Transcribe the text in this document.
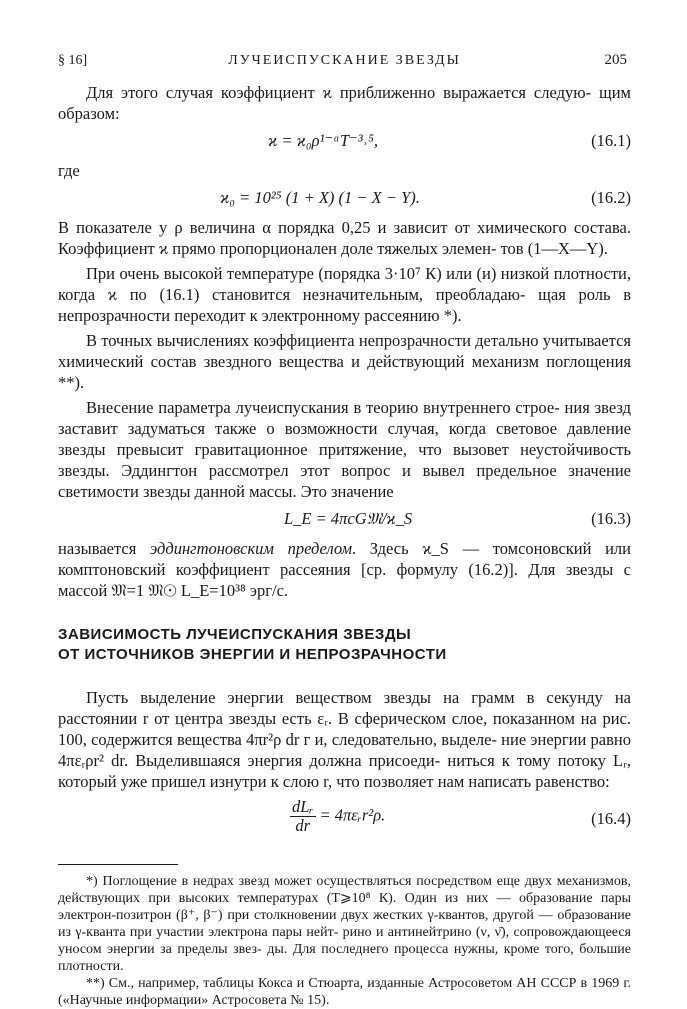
§ 16]	ЛУЧЕИСПУСКАНИЕ ЗВЕЗДЫ	205

Для этого случая коэффициент ϰ приближенно выражается следую- щим образом:

ϰ = ϰ₀ρ¹⁻ᵅT⁻³˒⁵,	(16.1)

где

ϰ₀ = 10²⁵ (1 + X) (1 − X − Y).	(16.2)

В показателе у ρ величина α порядка 0,25 и зависит от химического состава. Коэффициент ϰ прямо пропорционален доле тяжелых элемен- тов (1—X—Y).

При очень высокой температуре (порядка 3·10⁷ К) или (и) низкой плотности, когда ϰ по (16.1) становится незначительным, преобладаю- щая роль в непрозрачности переходит к электронному рассеянию *).

В точных вычислениях коэффициента непрозрачности детально учитывается химический состав звездного вещества и действующий механизм поглощения **).

Внесение параметра лучеиспускания в теорию внутреннего строе- ния звезд заставит задуматься также о возможности случая, когда световое давление звезды превысит гравитационное притяжение, что вызовет неустойчивость звезды. Эддингтон рассмотрел этот вопрос и вывел предельное значение светимости звезды данной массы. Это значение

L_E = 4πcG𝔐/ϰ_S	(16.3)

называется эддингтоновским пределом. Здесь ϰ_S — томсоновский или комптоновский коэффициент рассеяния [ср. формулу (16.2)]. Для звезды с массой 𝔐=1 𝔐☉ L_E=10³⁸ эрг/с.

ЗАВИСИМОСТЬ ЛУЧЕИСПУСКАНИЯ ЗВЕЗДЫ
ОТ ИСТОЧНИКОВ ЭНЕРГИИ И НЕПРОЗРАЧНОСТИ

Пусть выделение энергии веществом звезды на грамм в секунду на расстоянии r от центра звезды есть εᵣ. В сферическом слое, показанном на рис. 100, содержится вещества 4πr²ρ dr г и, следовательно, выделе- ние энергии равно 4πεᵣρr² dr. Выделившаяся энергия должна присоеди- ниться к тому потоку Lᵣ, который уже пришел изнутри к слою r, что позволяет нам написать равенство:

$\frac{\text{dLᵣ}}{dr}$ = 4πεᵣr²ρ.	(16.4)

*) Поглощение в недрах звезд может осуществляться посредством еще двух механизмов, действующих при высоких температурах (T⩾10⁸ К). Один из них — образование пары электрон-позитрон (β⁺, β⁻) при столкновении двух жестких γ-квантов, другой — образование из γ-кванта при участии электрона пары нейт- рино и антинейтрино (ν, ν̄), сопровождающееся уносом энергии за пределы звез- ды. Для последнего процесса нужны, кроме того, большие плотности.

**) См., например, таблицы Кокса и Стюарта, изданные Астросоветом АН СССР в 1969 г. («Научные информации» Астросовета № 15).
